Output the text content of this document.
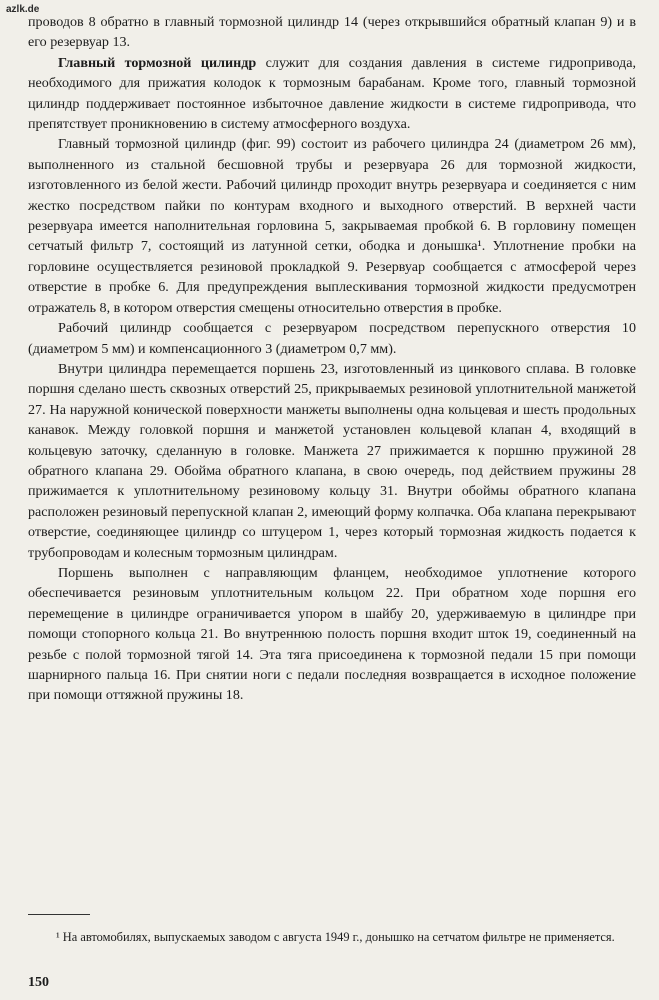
azlk.de

проводов 8 обратно в главный тормозной цилиндр 14 (через открывшийся обратный клапан 9) и в его резервуар 13.

Главный тормозной цилиндр служит для создания давления в системе гидропривода, необходимого для прижатия колодок к тормозным барабанам. Кроме того, главный тормозной цилиндр поддерживает постоянное избыточное давление жидкости в системе гидропривода, что препятствует проникновению в систему атмосферного воздуха.

Главный тормозной цилиндр (фиг. 99) состоит из рабочего цилиндра 24 (диаметром 26 мм), выполненного из стальной бесшовной трубы и резервуара 26 для тормозной жидкости, изготовленного из белой жести. Рабочий цилиндр проходит внутрь резервуара и соединяется с ним жестко посредством пайки по контурам входного и выходного отверстий. В верхней части резервуара имеется наполнительная горловина 5, закрываемая пробкой 6. В горловину помещен сетчатый фильтр 7, состоящий из латунной сетки, ободка и донышка¹. Уплотнение пробки на горловине осуществляется резиновой прокладкой 9. Резервуар сообщается с атмосферой через отверстие в пробке 6. Для предупреждения выплескивания тормозной жидкости предусмотрен отражатель 8, в котором отверстия смещены относительно отверстия в пробке.

Рабочий цилиндр сообщается с резервуаром посредством перепускного отверстия 10 (диаметром 5 мм) и компенсационного 3 (диаметром 0,7 мм).

Внутри цилиндра перемещается поршень 23, изготовленный из цинкового сплава. В головке поршня сделано шесть сквозных отверстий 25, прикрываемых резиновой уплотнительной манжетой 27. На наружной конической поверхности манжеты выполнены одна кольцевая и шесть продольных канавок. Между головкой поршня и манжетой установлен кольцевой клапан 4, входящий в кольцевую заточку, сделанную в головке. Манжета 27 прижимается к поршню пружиной 28 обратного клапана 29. Обойма обратного клапана, в свою очередь, под действием пружины 28 прижимается к уплотнительному резиновому кольцу 31. Внутри обоймы обратного клапана расположен резиновый перепускной клапан 2, имеющий форму колпачка. Оба клапана перекрывают отверстие, соединяющее цилиндр со штуцером 1, через который тормозная жидкость подается к трубопроводам и колесным тормозным цилиндрам.

Поршень выполнен с направляющим фланцем, необходимое уплотнение которого обеспечивается резиновым уплотнительным кольцом 22. При обратном ходе поршня его перемещение в цилиндре ограничивается упором в шайбу 20, удерживаемую в цилиндре при помощи стопорного кольца 21. Во внутреннюю полость поршня входит шток 19, соединенный на резьбе с полой тормозной тягой 14. Эта тяга присоединена к тормозной педали 15 при помощи шарнирного пальца 16. При снятии ноги с педали последняя возвращается в исходное положение при помощи оттяжной пружины 18.

¹ На автомобилях, выпускаемых заводом с августа 1949 г., донышко на сетчатом фильтре не применяется.

150
